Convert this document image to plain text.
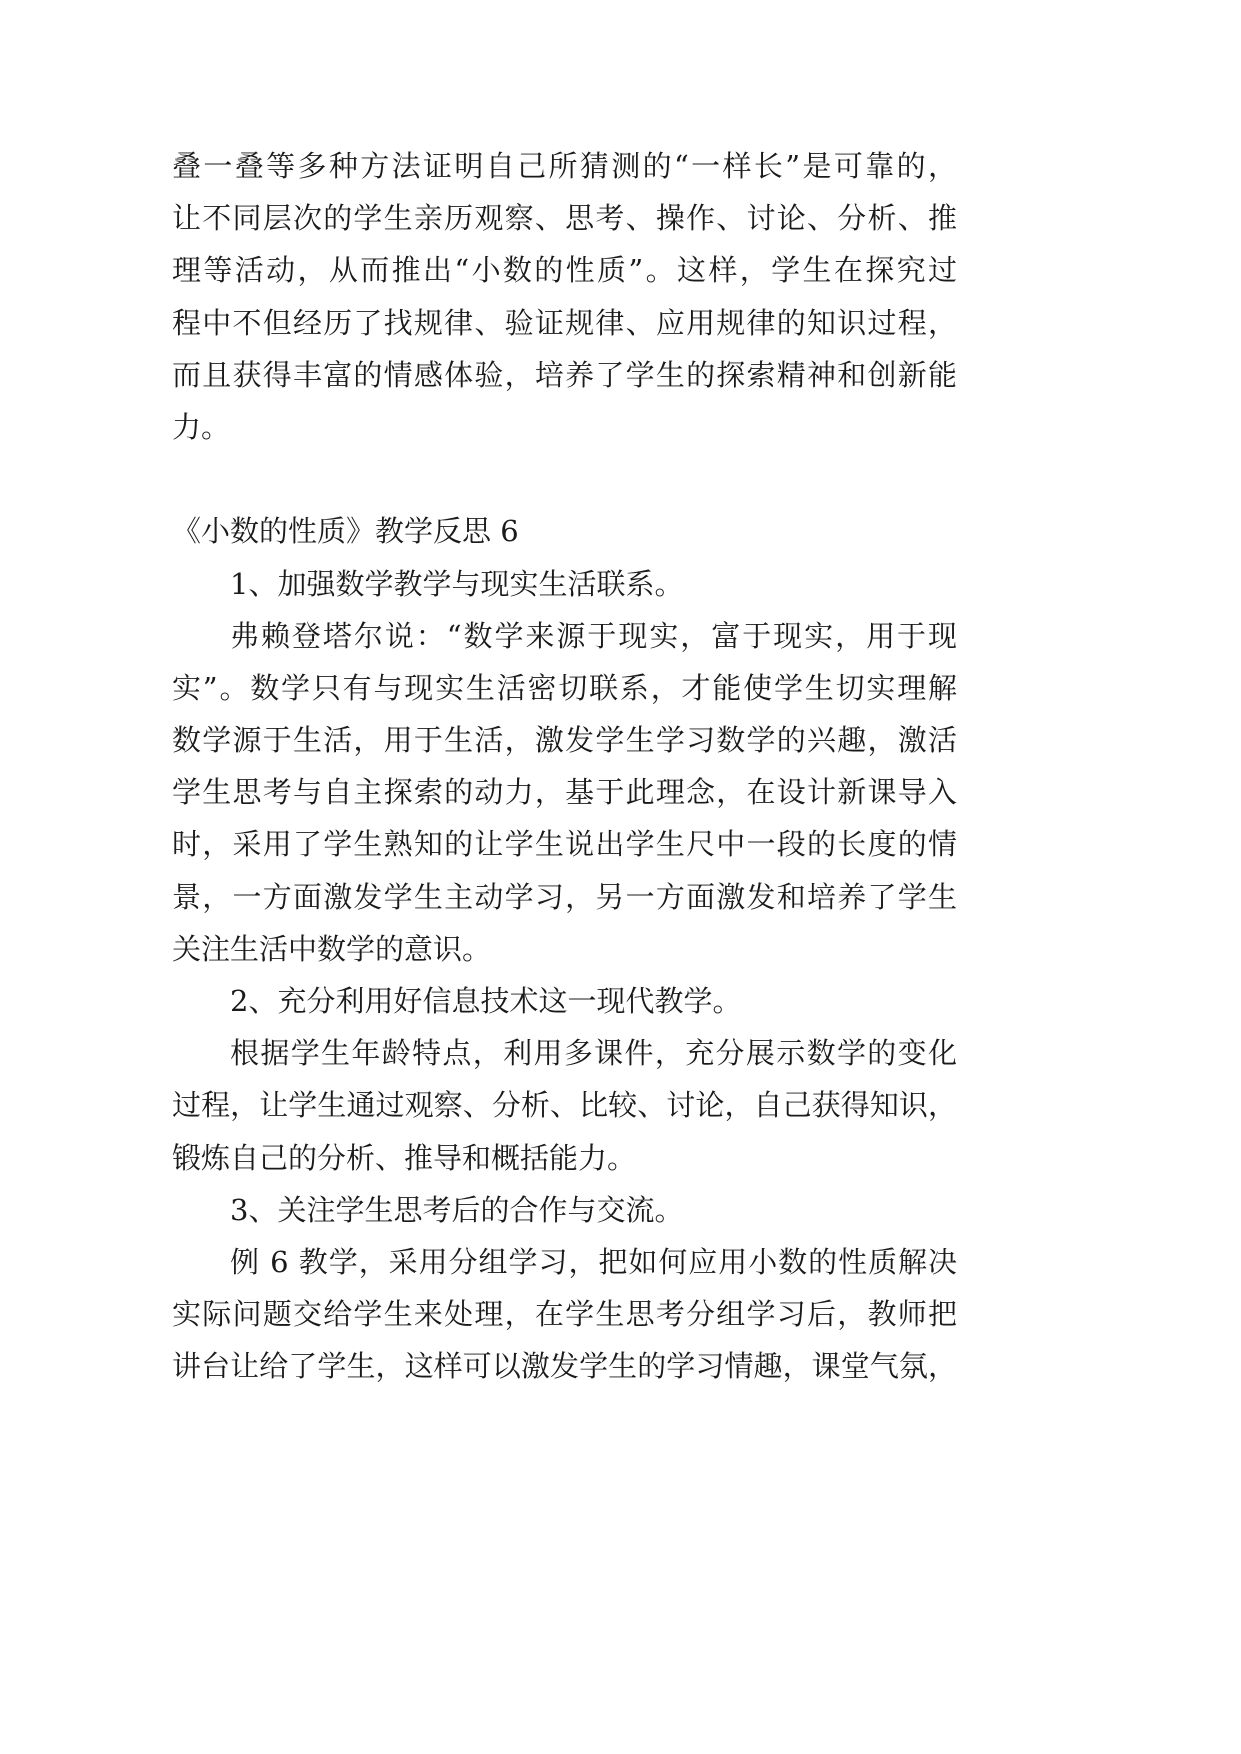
叠一叠等多种方法证明自己所猜测的“一样长”是可靠的，
让不同层次的学生亲历观察、思考、操作、讨论、分析、推
理等活动，从而推出“小数的性质”。这样，学生在探究过
程中不但经历了找规律、验证规律、应用规律的知识过程，
而且获得丰富的情感体验，培养了学生的探索精神和创新能
力。
《小数的性质》教学反思 6
1、加强数学教学与现实生活联系。
弗赖登塔尔说：“数学来源于现实，富于现实，用于现
实”。数学只有与现实生活密切联系，才能使学生切实理解
数学源于生活，用于生活，激发学生学习数学的兴趣，激活
学生思考与自主探索的动力，基于此理念，在设计新课导入
时，采用了学生熟知的让学生说出学生尺中一段的长度的情
景，一方面激发学生主动学习，另一方面激发和培养了学生
关注生活中数学的意识。
2、充分利用好信息技术这一现代教学。
根据学生年龄特点，利用多课件，充分展示数学的变化
过程，让学生通过观察、分析、比较、讨论，自己获得知识，
锻炼自己的分析、推导和概括能力。
3、关注学生思考后的合作与交流。
例 6 教学，采用分组学习，把如何应用小数的性质解决
实际问题交给学生来处理，在学生思考分组学习后，教师把
讲台让给了学生，这样可以激发学生的学习情趣，课堂气氛，
